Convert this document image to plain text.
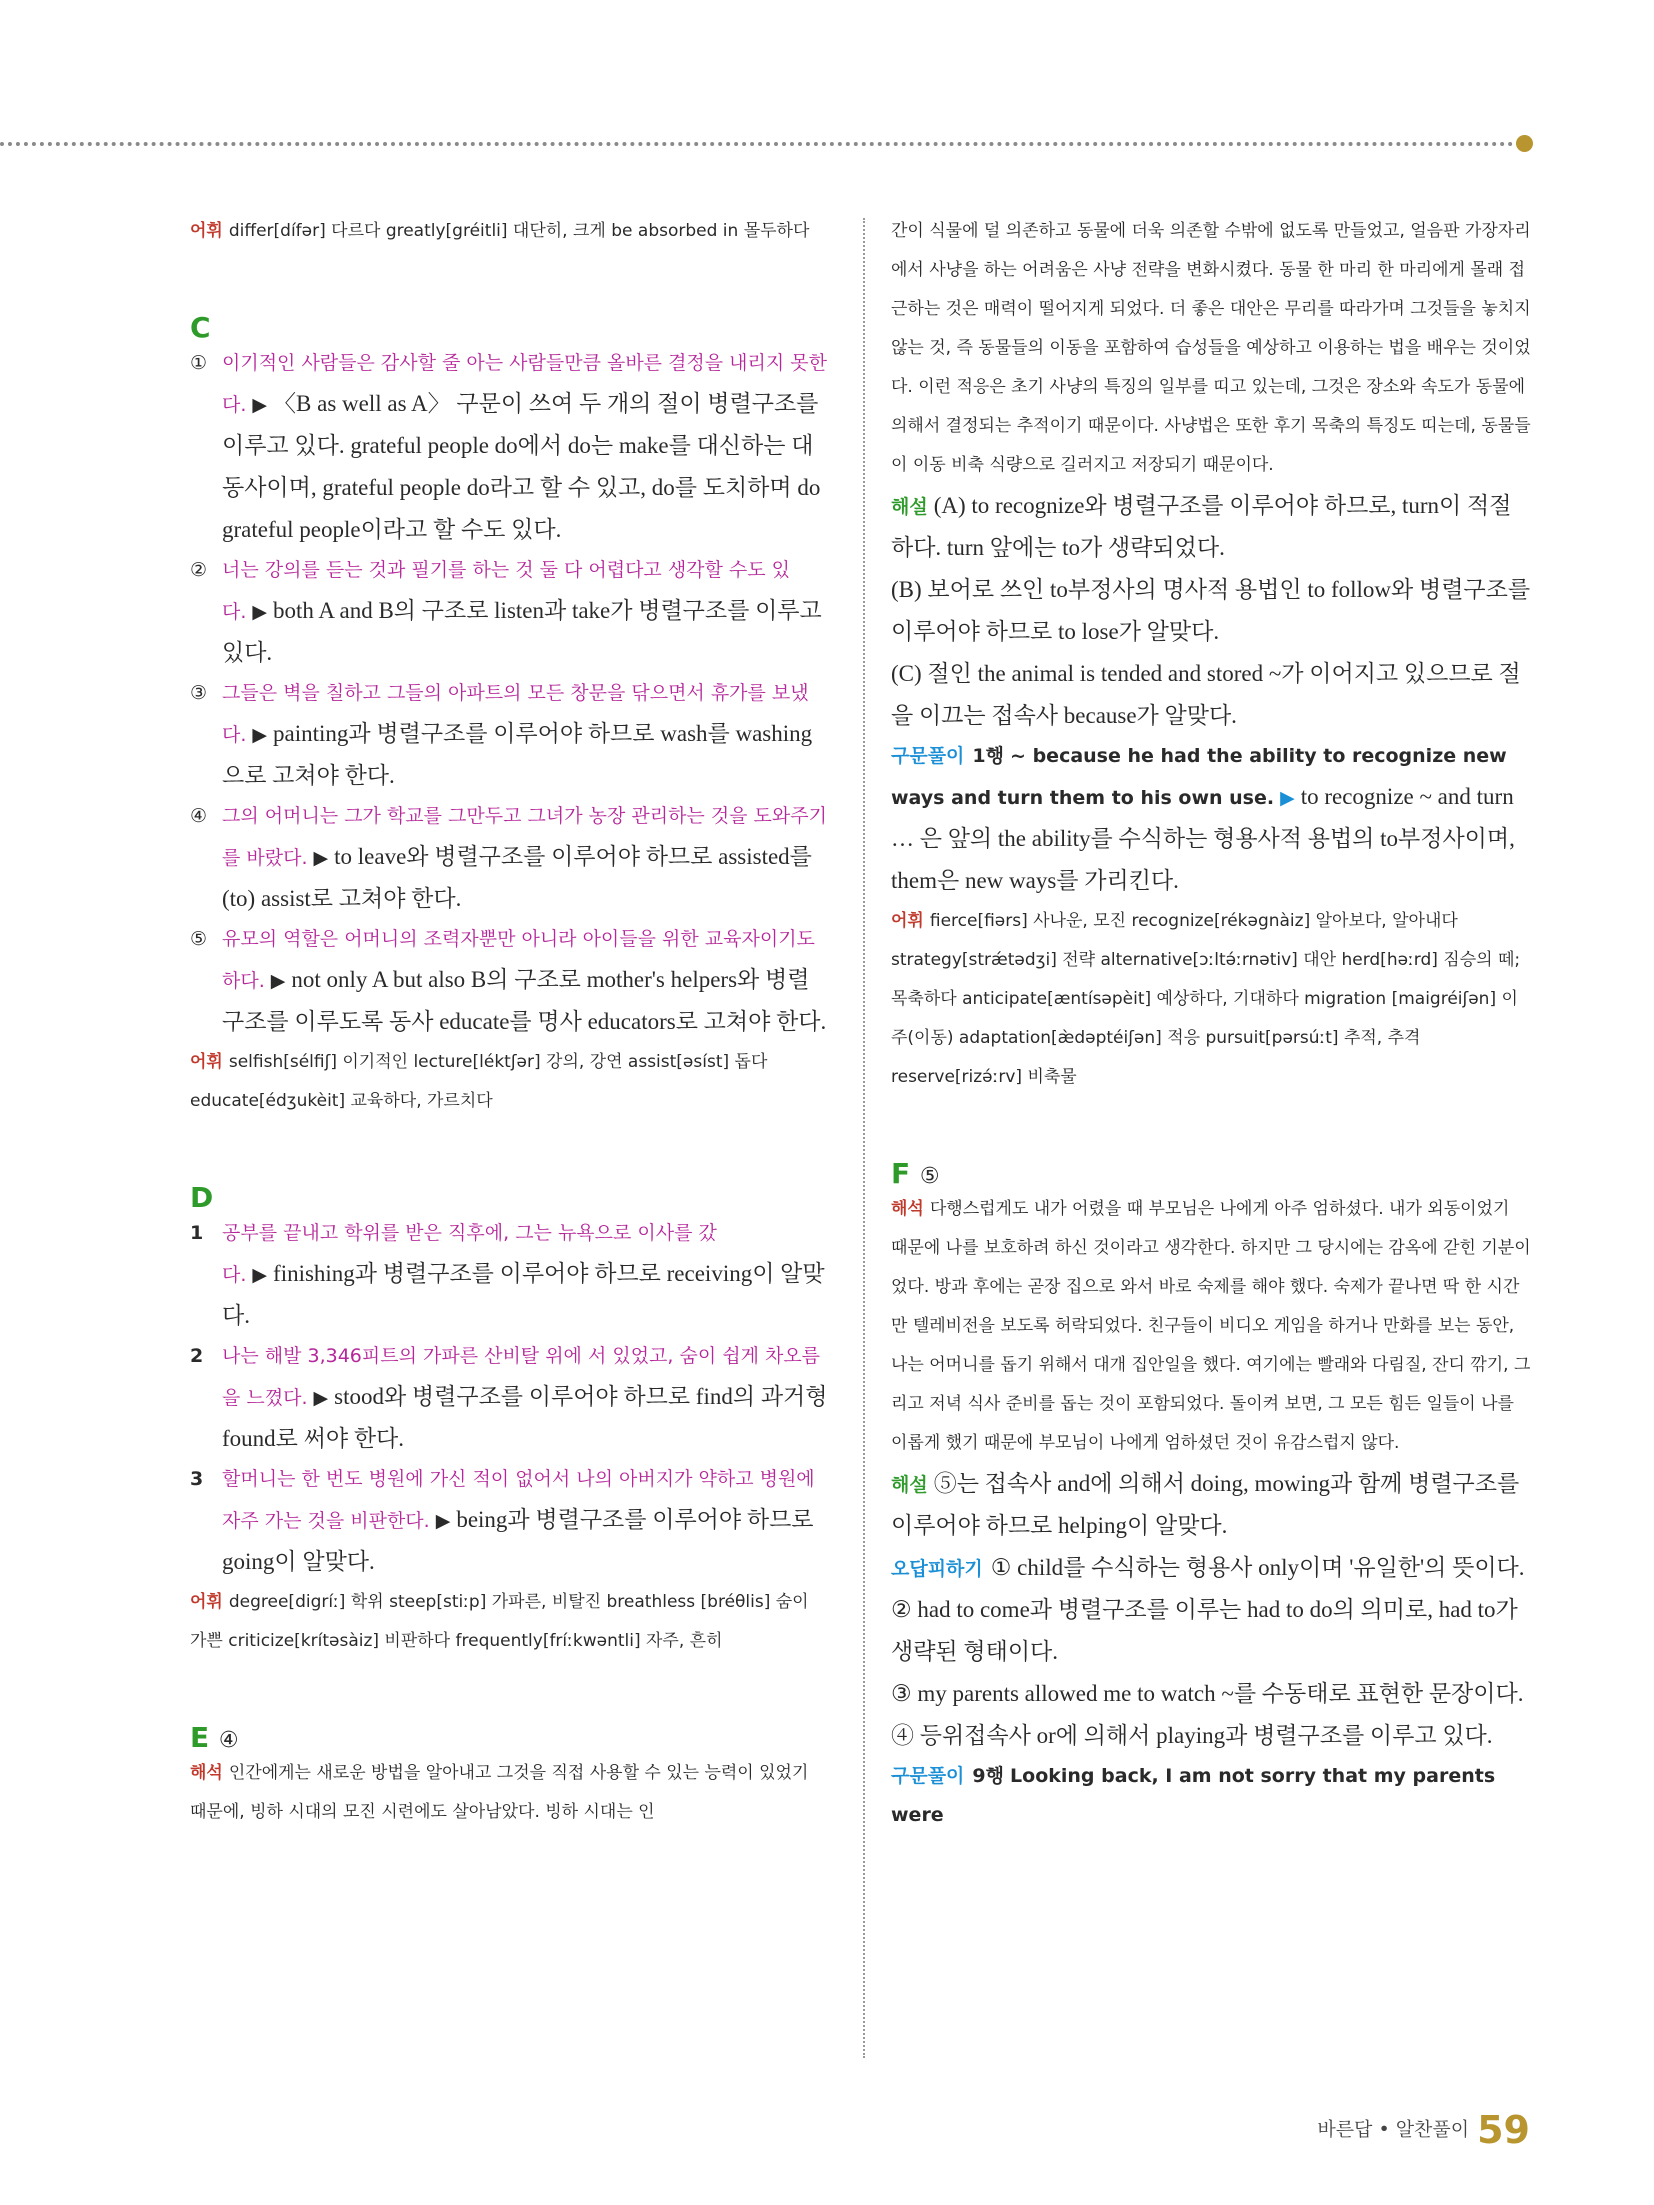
어휘 differ[dífər] 다르다 greatly[gréitli] 대단히, 크게 be absorbed in 몰두하다

C

① 이기적인 사람들은 감사할 줄 아는 사람들만큼 올바른 결정을 내리지 못한다. ▶ 〈B as well as A〉 구문이 쓰여 두 개의 절이 병렬구조를 이루고 있다. grateful people do에서 do는 make를 대신하는 대동사이며, grateful people do라고 할 수 있고, do를 도치하며 do grateful people이라고 할 수도 있다.

② 너는 강의를 듣는 것과 필기를 하는 것 둘 다 어렵다고 생각할 수도 있다. ▶ both A and B의 구조로 listen과 take가 병렬구조를 이루고 있다.

③ 그들은 벽을 칠하고 그들의 아파트의 모든 창문을 닦으면서 휴가를 보냈다. ▶ painting과 병렬구조를 이루어야 하므로 wash를 washing으로 고쳐야 한다.

④ 그의 어머니는 그가 학교를 그만두고 그녀가 농장 관리하는 것을 도와주기를 바랐다. ▶ to leave와 병렬구조를 이루어야 하므로 assisted를 (to) assist로 고쳐야 한다.

⑤ 유모의 역할은 어머니의 조력자뿐만 아니라 아이들을 위한 교육자이기도 하다. ▶ not only A but also B의 구조로 mother's helpers와 병렬구조를 이루도록 동사 educate를 명사 educators로 고쳐야 한다.

어휘 selfish[sélfiʃ] 이기적인 lecture[léktʃər] 강의, 강연 assist[əsíst] 돕다 educate[édʒukèit] 교육하다, 가르치다

D

1 공부를 끝내고 학위를 받은 직후에, 그는 뉴욕으로 이사를 갔다. ▶ finishing과 병렬구조를 이루어야 하므로 receiving이 알맞다.

2 나는 해발 3,346피트의 가파른 산비탈 위에 서 있었고, 숨이 쉽게 차오름을 느꼈다. ▶ stood와 병렬구조를 이루어야 하므로 find의 과거형 found로 써야 한다.

3 할머니는 한 번도 병원에 가신 적이 없어서 나의 아버지가 약하고 병원에 자주 가는 것을 비판한다. ▶ being과 병렬구조를 이루어야 하므로 going이 알맞다.

어휘 degree[digríː] 학위 steep[stiːp] 가파른, 비탈진 breathless [bréθlis] 숨이 가쁜 criticize[krítəsàiz] 비판하다 frequently[fríːkwəntli] 자주, 흔히

E ④

해석 인간에게는 새로운 방법을 알아내고 그것을 직접 사용할 수 있는 능력이 있었기 때문에, 빙하 시대의 모진 시련에도 살아남았다. 빙하 시대는 인

간이 식물에 덜 의존하고 동물에 더욱 의존할 수밖에 없도록 만들었고, 얼음판 가장자리에서 사냥을 하는 어려움은 사냥 전략을 변화시켰다. 동물 한 마리 한 마리에게 몰래 접근하는 것은 매력이 떨어지게 되었다. 더 좋은 대안은 무리를 따라가며 그것들을 놓치지 않는 것, 즉 동물들의 이동을 포함하여 습성들을 예상하고 이용하는 법을 배우는 것이었다. 이런 적응은 초기 사냥의 특징의 일부를 띠고 있는데, 그것은 장소와 속도가 동물에 의해서 결정되는 추적이기 때문이다. 사냥법은 또한 후기 목축의 특징도 띠는데, 동물들이 이동 비축 식량으로 길러지고 저장되기 때문이다.

해설 (A) to recognize와 병렬구조를 이루어야 하므로, turn이 적절하다. turn 앞에는 to가 생략되었다.

(B) 보어로 쓰인 to부정사의 명사적 용법인 to follow와 병렬구조를 이루어야 하므로 to lose가 알맞다.

(C) 절인 the animal is tended and stored ~가 이어지고 있으므로 절을 이끄는 접속사 because가 알맞다.

구문풀이 1행 ~ because he had the ability to recognize new ways and turn them to his own use. ▶ to recognize ~ and turn … 은 앞의 the ability를 수식하는 형용사적 용법의 to부정사이며, them은 new ways를 가리킨다.

어휘 fierce[fiərs] 사나운, 모진 recognize[rékəgnàiz] 알아보다, 알아내다 strategy[strǽtədʒi] 전략 alternative[ɔːltə́ːrnətiv] 대안 herd[həːrd] 짐승의 떼; 목축하다 anticipate[æntísəpèit] 예상하다, 기대하다 migration [maigréiʃən] 이주(이동) adaptation[æ̀dəptéiʃən] 적응 pursuit[pərsúːt] 추적, 추격 reserve[rizə́ːrv] 비축물

F ⑤

해석 다행스럽게도 내가 어렸을 때 부모님은 나에게 아주 엄하셨다. 내가 외동이었기 때문에 나를 보호하려 하신 것이라고 생각한다. 하지만 그 당시에는 감옥에 갇힌 기분이었다. 방과 후에는 곧장 집으로 와서 바로 숙제를 해야 했다. 숙제가 끝나면 딱 한 시간만 텔레비전을 보도록 허락되었다. 친구들이 비디오 게임을 하거나 만화를 보는 동안, 나는 어머니를 돕기 위해서 대개 집안일을 했다. 여기에는 빨래와 다림질, 잔디 깎기, 그리고 저녁 식사 준비를 돕는 것이 포함되었다. 돌이켜 보면, 그 모든 힘든 일들이 나를 이롭게 했기 때문에 부모님이 나에게 엄하셨던 것이 유감스럽지 않다.

해설 ⑤는 접속사 and에 의해서 doing, mowing과 함께 병렬구조를 이루어야 하므로 helping이 알맞다.

오답피하기 ① child를 수식하는 형용사 only이며 '유일한'의 뜻이다.

② had to come과 병렬구조를 이루는 had to do의 의미로, had to가 생략된 형태이다.

③ my parents allowed me to watch ~를 수동태로 표현한 문장이다.

④ 등위접속사 or에 의해서 playing과 병렬구조를 이루고 있다.

구문풀이 9행 Looking back, I am not sorry that my parents were

바른답 • 알찬풀이 59
